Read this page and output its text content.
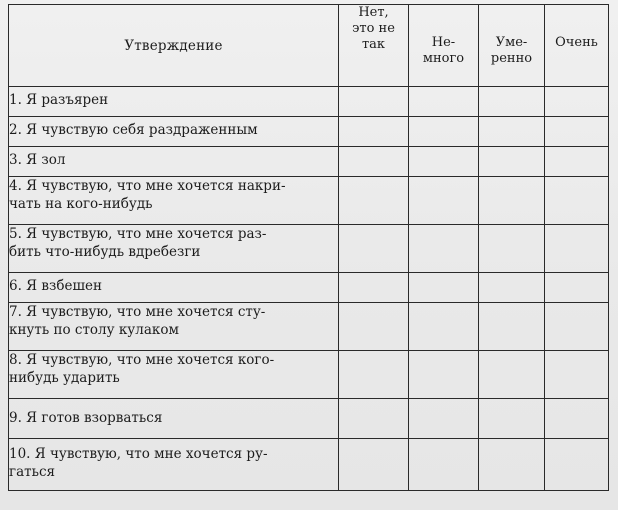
Утверждение	Нет,
это не
так	Не-
много	Уме-
ренно	Очень

1. Я разъярен				
2. Я чувствую себя раздраженным				
3. Я зол				
4. Я чувствую, что мне хочется накри-
чать на кого-нибудь				
5. Я чувствую, что мне хочется раз-
бить что-нибудь вдребезги				
6. Я взбешен				
7. Я чувствую, что мне хочется сту-
кнуть по столу кулаком				
8. Я чувствую, что мне хочется кого-
нибудь ударить				
9. Я готов взорваться				
10. Я чувствую, что мне хочется ру-
гаться				
